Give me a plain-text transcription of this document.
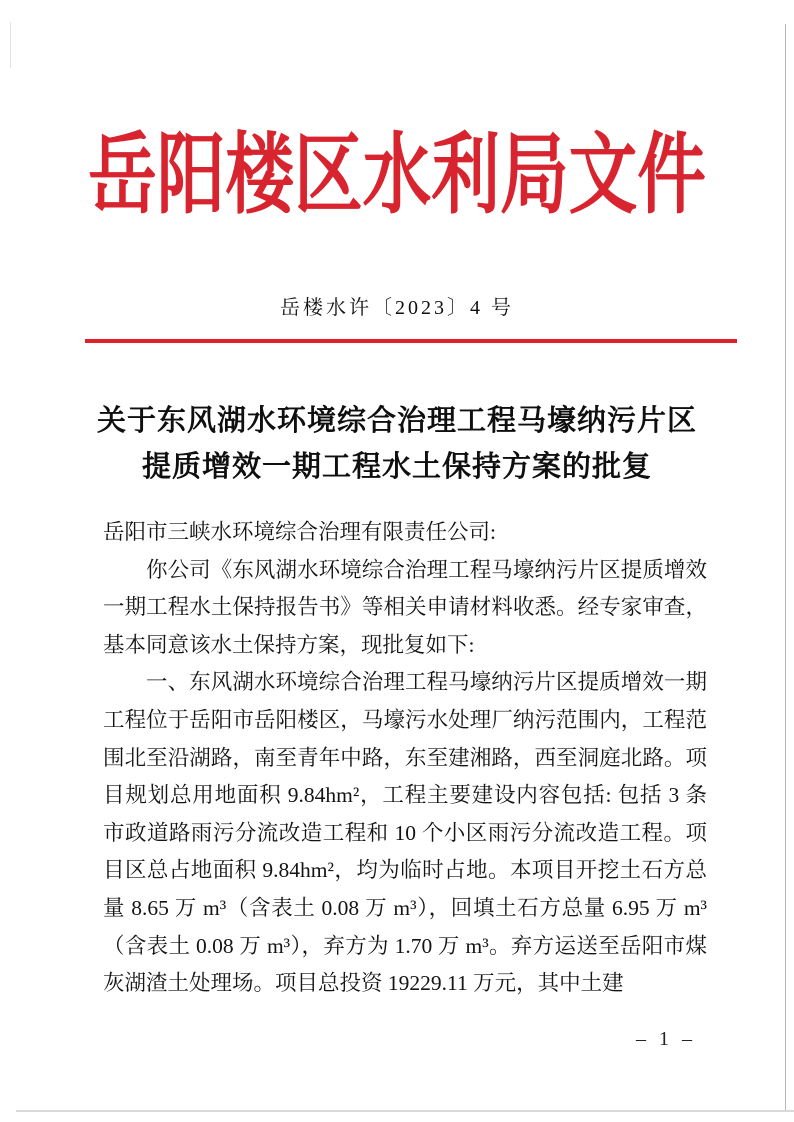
岳阳楼区水利局文件
岳楼水许〔2023〕4 号
关于东风湖水环境综合治理工程马壕纳污片区
提质增效一期工程水土保持方案的批复

岳阳市三峡水环境综合治理有限责任公司:

你公司《东风湖水环境综合治理工程马壕纳污片区提质增效一期工程水土保持报告书》等相关申请材料收悉。经专家审查，基本同意该水土保持方案，现批复如下:

一、东风湖水环境综合治理工程马壕纳污片区提质增效一期工程位于岳阳市岳阳楼区，马壕污水处理厂纳污范围内，工程范围北至沿湖路，南至青年中路，东至建湘路，西至洞庭北路。项目规划总用地面积 9.84hm²，工程主要建设内容包括: 包括 3 条市政道路雨污分流改造工程和 10 个小区雨污分流改造工程。项目区总占地面积 9.84hm²，均为临时占地。本项目开挖土石方总量 8.65 万 m³（含表土 0.08 万 m³），回填土石方总量 6.95 万 m³（含表土 0.08 万 m³），弃方为 1.70 万 m³。弃方运送至岳阳市煤灰湖渣土处理场。项目总投资 19229.11 万元，其中土建

– 1 –
